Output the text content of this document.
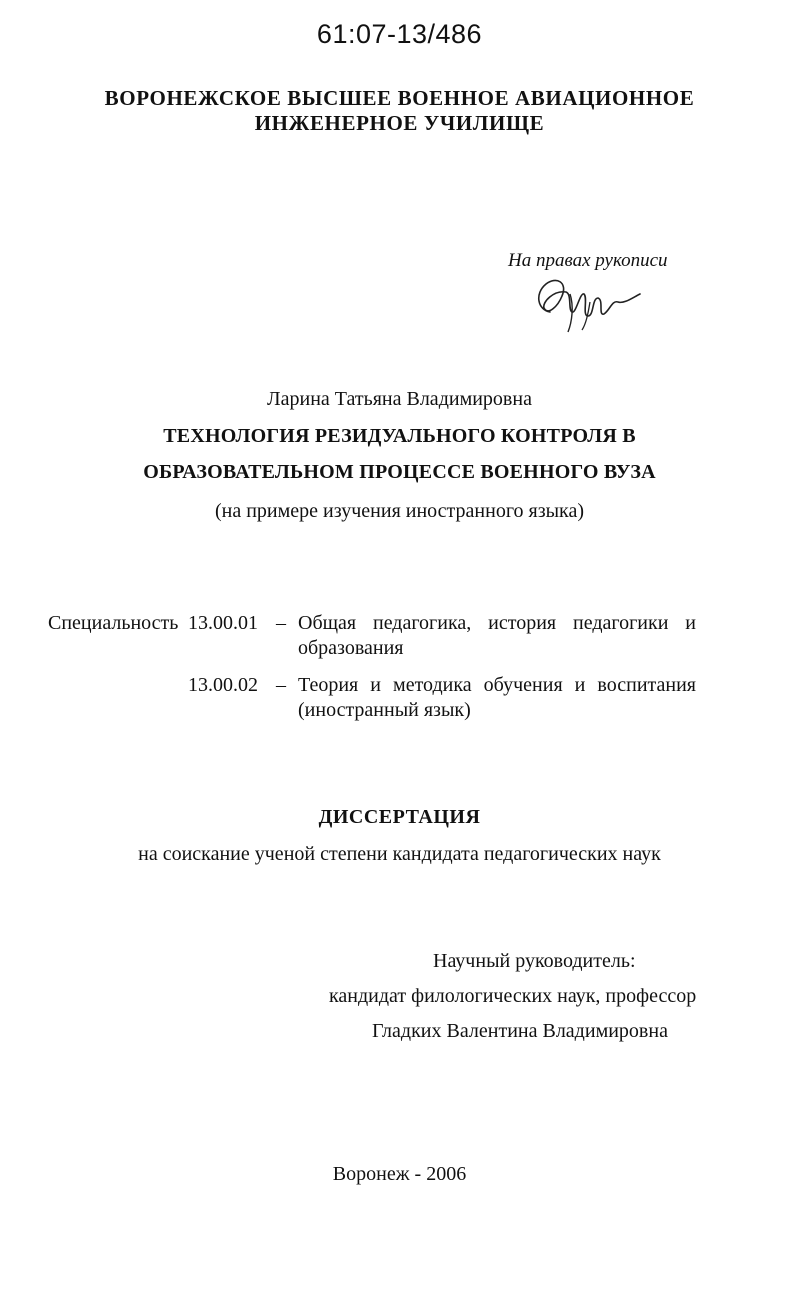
61:07-13/486
ВОРОНЕЖСКОЕ ВЫСШЕЕ ВОЕННОЕ АВИАЦИОННОЕ
ИНЖЕНЕРНОЕ УЧИЛИЩЕ
На правах рукописи
Ларина Татьяна Владимировна
ТЕХНОЛОГИЯ РЕЗИДУАЛЬНОГО КОНТРОЛЯ В
ОБРАЗОВАТЕЛЬНОМ ПРОЦЕССЕ ВОЕННОГО ВУЗА
(на примере изучения иностранного языка)
Специальность 13.00.01 – Общая педагогика, история педагогики и
образования
13.00.02 – Теория и методика обучения и воспитания
(иностранный язык)
ДИССЕРТАЦИЯ
на соискание ученой степени кандидата педагогических наук
Научный руководитель:
кандидат филологических наук, профессор
Гладких Валентина Владимировна
Воронеж - 2006
